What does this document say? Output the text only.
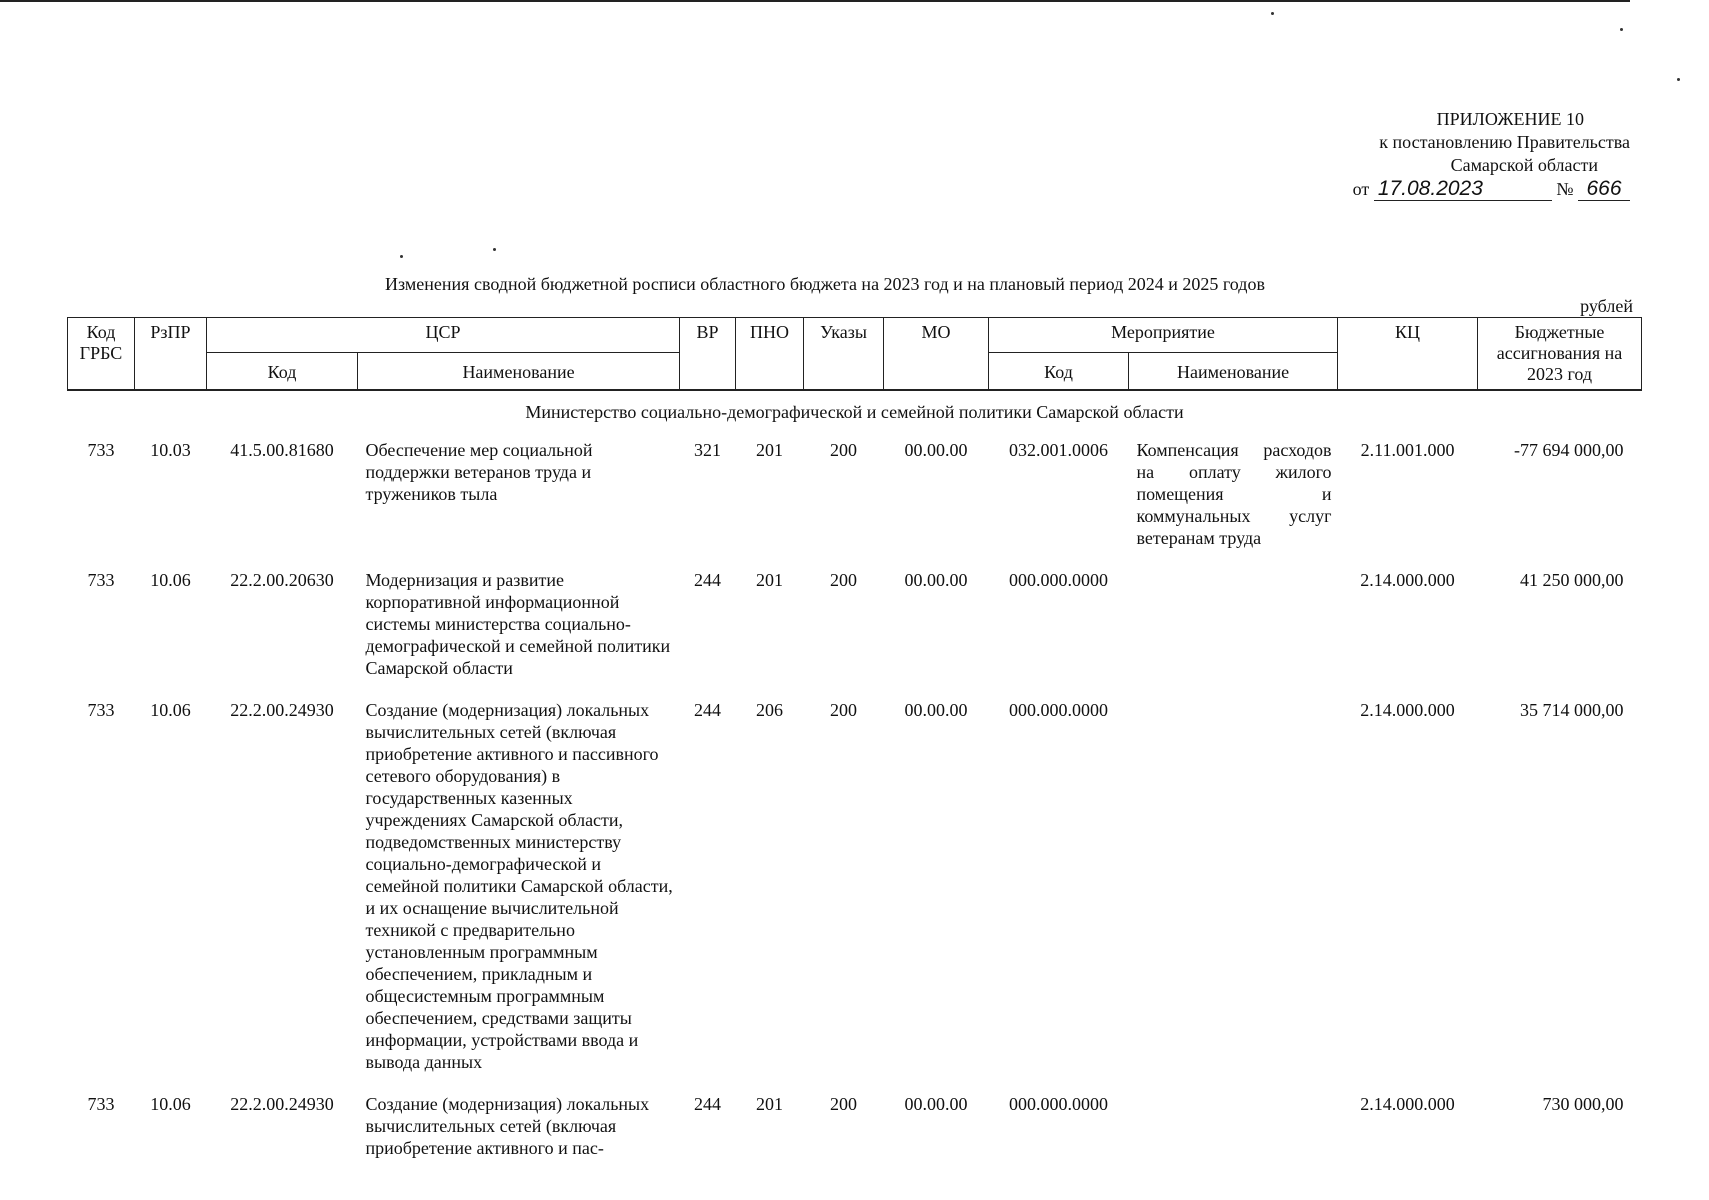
ПРИЛОЖЕНИЕ 10
к постановлению Правительства
Самарской области
от 17.08.2023	№ 666
Изменения сводной бюджетной росписи областного бюджета на 2023 год и на плановый период 2024 и 2025 годов
рублей
Код ГРБС	РзПР	ЦСР		ВР	ПНО	Указы	МО	Мероприятие		КЦ	Бюджетные ассигнования на 2023 год
		Код	Наименование					Код	Наименование		
Министерство социально-демографической и семейной политики Самарской области											
733	10.03	41.5.00.81680	Обеспечение мер социальной поддержки ветеранов труда и тружеников тыла	321	201	200	00.00.00	032.001.0006	Компенсация расходов на оплату жилого помещения и коммунальных услуг ветеранам труда	2.11.001.000	-77 694 000,00
733	10.06	22.2.00.20630	Модернизация и развитие корпоративной информационной системы министерства социально-демографической и семейной политики Самарской области	244	201	200	00.00.00	000.000.0000		2.14.000.000	41 250 000,00
733	10.06	22.2.00.24930	Создание (модернизация) локальных вычислительных сетей (включая приобретение активного и пассивного сетевого оборудования) в государственных казенных учреждениях Самарской области, подведомственных министерству социально-демографической и семейной политики Самарской области, и их оснащение вычислительной техникой с предварительно установленным программным обеспечением, прикладным и общесистемным программным обеспечением, средствами защиты информации, устройствами ввода и вывода данных	244	206	200	00.00.00	000.000.0000		2.14.000.000	35 714 000,00
733	10.06	22.2.00.24930	Создание (модернизация) локальных вычислительных сетей (включая приобретение активного и пас-	244	201	200	00.00.00	000.000.0000		2.14.000.000	730 000,00
